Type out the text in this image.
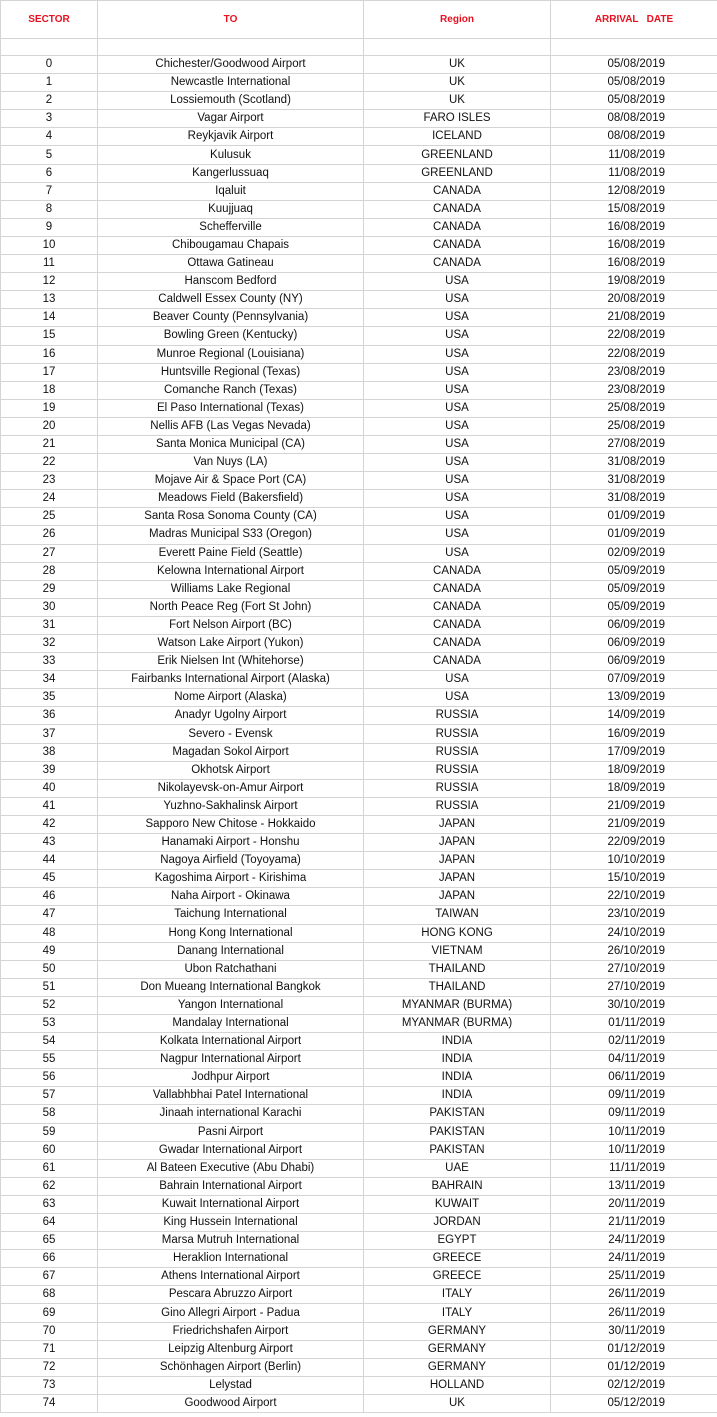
SECTOR	TO	Region	ARRIVAL   DATE

0	Chichester/Goodwood Airport	UK	05/08/2019
1	Newcastle International	UK	05/08/2019
2	Lossiemouth (Scotland)	UK	05/08/2019
3	Vagar Airport	FARO ISLES	08/08/2019
4	Reykjavik Airport	ICELAND	08/08/2019
5	Kulusuk	GREENLAND	11/08/2019
6	Kangerlussuaq	GREENLAND	11/08/2019
7	Iqaluit	CANADA	12/08/2019
8	Kuujjuaq	CANADA	15/08/2019
9	Schefferville	CANADA	16/08/2019
10	Chibougamau Chapais	CANADA	16/08/2019
11	Ottawa Gatineau	CANADA	16/08/2019
12	Hanscom Bedford	USA	19/08/2019
13	Caldwell Essex County (NY)	USA	20/08/2019
14	Beaver County (Pennsylvania)	USA	21/08/2019
15	Bowling Green (Kentucky)	USA	22/08/2019
16	Munroe Regional (Louisiana)	USA	22/08/2019
17	Huntsville Regional (Texas)	USA	23/08/2019
18	Comanche Ranch (Texas)	USA	23/08/2019
19	El Paso International (Texas)	USA	25/08/2019
20	Nellis AFB (Las Vegas Nevada)	USA	25/08/2019
21	Santa Monica Municipal (CA)	USA	27/08/2019
22	Van Nuys (LA)	USA	31/08/2019
23	Mojave Air & Space Port (CA)	USA	31/08/2019
24	Meadows Field (Bakersfield)	USA	31/08/2019
25	Santa Rosa Sonoma County (CA)	USA	01/09/2019
26	Madras Municipal S33 (Oregon)	USA	01/09/2019
27	Everett Paine Field (Seattle)	USA	02/09/2019
28	Kelowna International Airport	CANADA	05/09/2019
29	Williams Lake Regional	CANADA	05/09/2019
30	North Peace Reg (Fort St John)	CANADA	05/09/2019
31	Fort Nelson Airport (BC)	CANADA	06/09/2019
32	Watson Lake Airport (Yukon)	CANADA	06/09/2019
33	Erik Nielsen Int (Whitehorse)	CANADA	06/09/2019
34	Fairbanks International Airport (Alaska)	USA	07/09/2019
35	Nome Airport (Alaska)	USA	13/09/2019
36	Anadyr Ugolny Airport	RUSSIA	14/09/2019
37	Severo - Evensk	RUSSIA	16/09/2019
38	Magadan Sokol Airport	RUSSIA	17/09/2019
39	Okhotsk Airport	RUSSIA	18/09/2019
40	Nikolayevsk-on-Amur Airport	RUSSIA	18/09/2019
41	Yuzhno-Sakhalinsk Airport	RUSSIA	21/09/2019
42	Sapporo New Chitose - Hokkaido	JAPAN	21/09/2019
43	Hanamaki Airport - Honshu	JAPAN	22/09/2019
44	Nagoya Airfield (Toyoyama)	JAPAN	10/10/2019
45	Kagoshima Airport - Kirishima	JAPAN	15/10/2019
46	Naha Airport - Okinawa	JAPAN	22/10/2019
47	Taichung International	TAIWAN	23/10/2019
48	Hong Kong International	HONG KONG	24/10/2019
49	Danang International	VIETNAM	26/10/2019
50	Ubon Ratchathani	THAILAND	27/10/2019
51	Don Mueang International Bangkok	THAILAND	27/10/2019
52	Yangon International	MYANMAR (BURMA)	30/10/2019
53	Mandalay International	MYANMAR (BURMA)	01/11/2019
54	Kolkata International Airport	INDIA	02/11/2019
55	Nagpur International Airport	INDIA	04/11/2019
56	Jodhpur Airport	INDIA	06/11/2019
57	Vallabhbhai Patel International	INDIA	09/11/2019
58	Jinaah international Karachi	PAKISTAN	09/11/2019
59	Pasni Airport	PAKISTAN	10/11/2019
60	Gwadar International Airport	PAKISTAN	10/11/2019
61	Al Bateen Executive (Abu Dhabi)	UAE	11/11/2019
62	Bahrain International Airport	BAHRAIN	13/11/2019
63	Kuwait International Airport	KUWAIT	20/11/2019
64	King Hussein International	JORDAN	21/11/2019
65	Marsa Mutruh International	EGYPT	24/11/2019
66	Heraklion International	GREECE	24/11/2019
67	Athens International Airport	GREECE	25/11/2019
68	Pescara Abruzzo Airport	ITALY	26/11/2019
69	Gino Allegri Airport - Padua	ITALY	26/11/2019
70	Friedrichshafen Airport	GERMANY	30/11/2019
71	Leipzig Altenburg Airport	GERMANY	01/12/2019
72	Schönhagen Airport (Berlin)	GERMANY	01/12/2019
73	Lelystad	HOLLAND	02/12/2019
74	Goodwood Airport	UK	05/12/2019
